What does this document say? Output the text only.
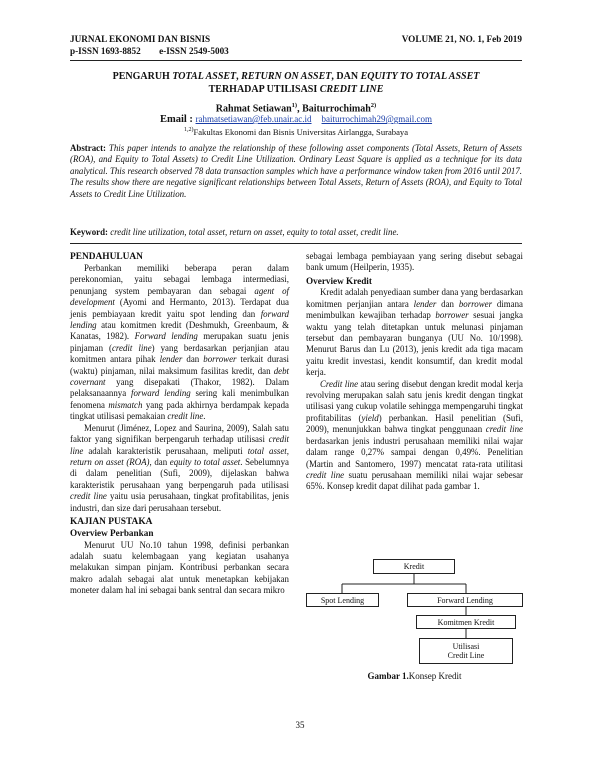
JURNAL EKONOMI DAN BISNIS
p-ISSN 1693-8852        e-ISSN 2549-5003
VOLUME 21, NO. 1, Feb 2019
PENGARUH TOTAL ASSET, RETURN ON ASSET, DAN EQUITY TO TOTAL ASSET
TERHADAP UTILISASI CREDIT LINE
Rahmat Setiawan$^{1)}$, Baiturrochimah$^{2)}$
Email : rahmatsetiawan@feb.unair.ac.id baiturrochimah29@gmail.com
$^{1,2)}$Fakultas Ekonomi dan Bisnis Universitas Airlangga, Surabaya
Abstract: This paper intends to analyze the relationship of these following asset components (Total Assets, Return of Assets (ROA), and Equity to Total Assets) to Credit Line Utilization. Ordinary Least Square is applied as a technique for its data analytical. This research observed 78 data transaction samples which have a performance window taken from 2016 until 2017. The results show there are negative significant relationships between Total Assets, Return of Assets (ROA), and Equity to Total Assets to Credit Line Utilization.
Keyword: credit line utilization, total asset, return on asset, equity to total asset, credit line.
PENDAHULUAN

Perbankan memiliki beberapa peran dalam perekonomian, yaitu sebagai lembaga intermediasi, penunjang system pembayaran dan sebagai agent of development (Ayomi and Hermanto, 2013). Terdapat dua jenis pembiayaan kredit yaitu spot lending dan forward lending atau komitmen kredit (Deshmukh, Greenbaum, & Kanatas, 1982). Forward lending merupakan suatu jenis pinjaman (credit line) yang berdasarkan perjanjian atau komitmen antara pihak lender dan borrower terkait durasi (waktu) pinjaman, nilai maksimum fasilitas kredit, dan debt covernant yang disepakati (Thakor, 1982). Dalam pelaksanaannya forward lending sering kali menimbulkan fenomena mismatch yang pada akhirnya berdampak kepada tingkat utilisasi pemakaian credit line.

Menurut (Jiménez, Lopez and Saurina, 2009), Salah satu faktor yang signifikan berpengaruh terhadap utilisasi credit line adalah karakteristik perusahaan, meliputi total asset, return on asset (ROA), dan equity to total asset. Sebelumnya di dalam penelitian (Sufi, 2009), dijelaskan bahwa karakteristik perusahaan yang berpengaruh pada utilisasi credit line yaitu usia perusahaan, tingkat profitabilitas, jenis industri, dan size dari perusahaan tersebut.

KAJIAN PUSTAKA
Overview Perbankan

Menurut UU No.10 tahun 1998, definisi perbankan adalah suatu kelembagaan yang kegiatan usahanya melakukan simpan pinjam. Kontribusi perbankan secara makro adalah sebagai alat untuk menetapkan kebijakan moneter dalam hal ini sebagai bank sentral dan secara mikro

sebagai lembaga pembiayaan yang sering disebut sebagai bank umum (Heilperin, 1935).

Overview Kredit

Kredit adalah penyediaan sumber dana yang berdasarkan komitmen perjanjian antara lender dan borrower dimana menimbulkan kewajiban terhadap borrower sesuai jangka waktu yang telah ditetapkan untuk melunasi pinjaman tersebut dan pembayaran bunganya (UU No. 10/1998). Menurut Barus dan Lu (2013), jenis kredit ada tiga macam yaitu kredit investasi, kendit konsumtif, dan kredit modal kerja.

Credit line atau sering disebut dengan kredit modal kerja revolving merupakan salah satu jenis kredit dengan tingkat utilisasi yang cukup volatile sehingga mempengaruhi tingkat profitabilitas (yield) perbankan. Hasil penelitian (Sufi, 2009), menunjukkan bahwa tingkat penggunaan credit line berdasarkan jenis industri perusahaan memiliki nilai wajar dalam range 0,27% sampai dengan 0,49%. Penelitian (Martin and Santomero, 1997) mencatat rata-rata utilitasi credit line suatu perusahaan memiliki nilai wajar sebesar 65%. Konsep kredit dapat dilihat pada gambar 1.

Kredit
Spot Lending	Forward Lending
Komitmen Kredit
Utilisasi
Credit Line
Gambar 1.Konsep Kredit
35
